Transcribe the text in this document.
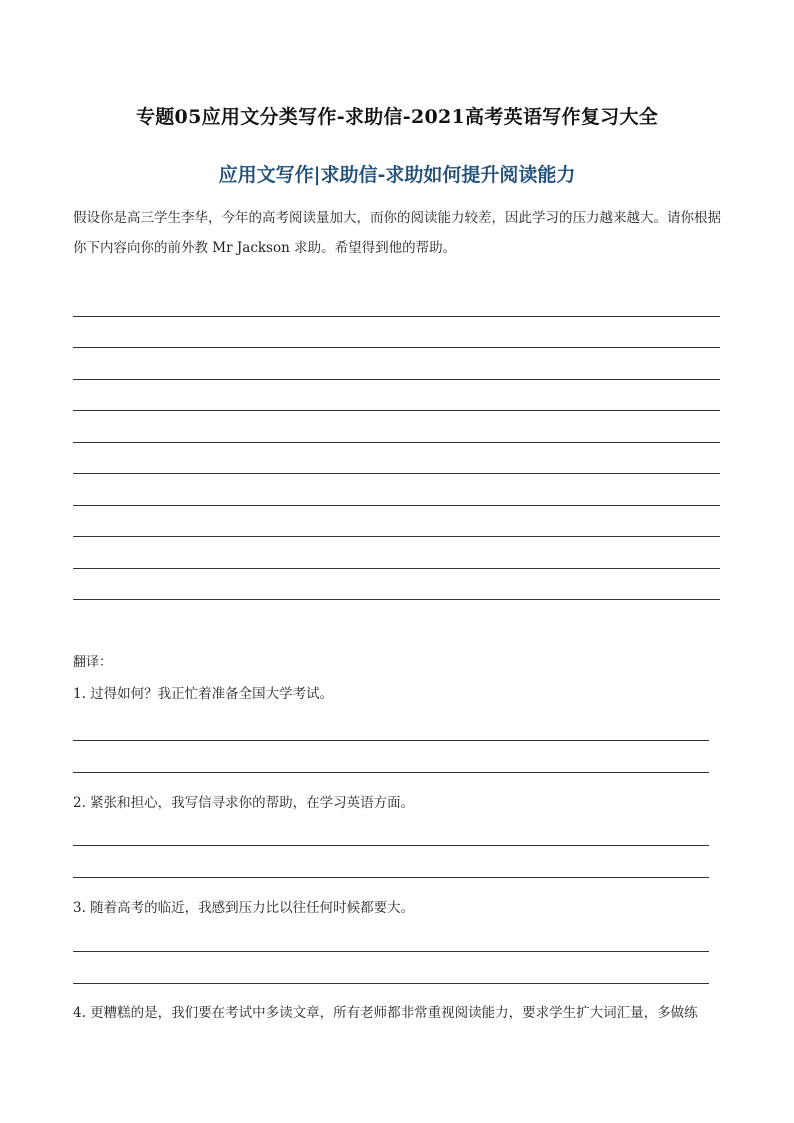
专题05应用文分类写作-求助信-2021高考英语写作复习大全
应用文写作|求助信-求助如何提升阅读能力

假设你是高三学生李华，今年的高考阅读量加大，而你的阅读能力较差，因此学习的压力越来越大。请你根据你下内容向你的前外教 Mr Jackson 求助。希望得到他的帮助。

翻译：
1. 过得如何？我正忙着准备全国大学考试。
2. 紧张和担心，我写信寻求你的帮助，在学习英语方面。
3. 随着高考的临近，我感到压力比以往任何时候都要大。
4. 更糟糕的是，我们要在考试中多读文章，所有老师都非常重视阅读能力，要求学生扩大词汇量，多做练
